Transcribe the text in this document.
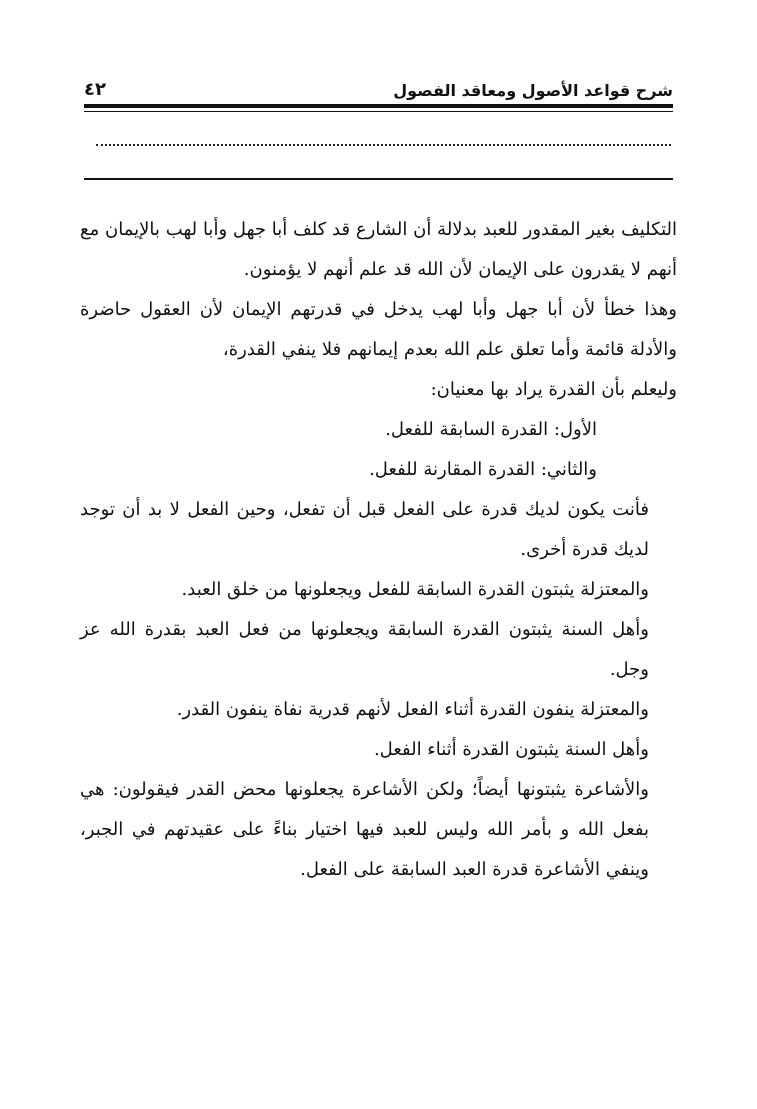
شرح قواعد الأصول ومعاقد الفصول
٤٢

التكليف بغير المقدور للعبد بدلالة أن الشارع قد كلف أبا جهل وأبا لهب بالإيمان مع أنهم لا يقدرون على الإيمان لأن الله قد علم أنهم لا يؤمنون.

وهذا خطأ لأن أبا جهل وأبا لهب يدخل في قدرتهم الإيمان لأن العقول حاضرة والأدلة قائمة وأما تعلق علم الله بعدم إيمانهم فلا ينفي القدرة،

وليعلم بأن القدرة يراد بها معنيان:

الأول: القدرة السابقة للفعل.

والثاني: القدرة المقارنة للفعل.

فأنت يكون لديك قدرة على الفعل قبل أن تفعل، وحين الفعل لا بد أن توجد لديك قدرة أخرى.

والمعتزلة يثبتون القدرة السابقة للفعل ويجعلونها من خلق العبد.

وأهل السنة يثبتون القدرة السابقة ويجعلونها من فعل العبد بقدرة الله عز وجل.

والمعتزلة ينفون القدرة أثناء الفعل لأنهم قدرية نفاة ينفون القدر.

وأهل السنة يثبتون القدرة أثناء الفعل.

والأشاعرة يثبتونها أيضاً؛ ولكن الأشاعرة يجعلونها محض القدر فيقولون: هي بفعل الله و بأمر الله وليس للعبد فيها اختيار بناءً على عقيدتهم في الجبر، وينفي الأشاعرة قدرة العبد السابقة على الفعل.
